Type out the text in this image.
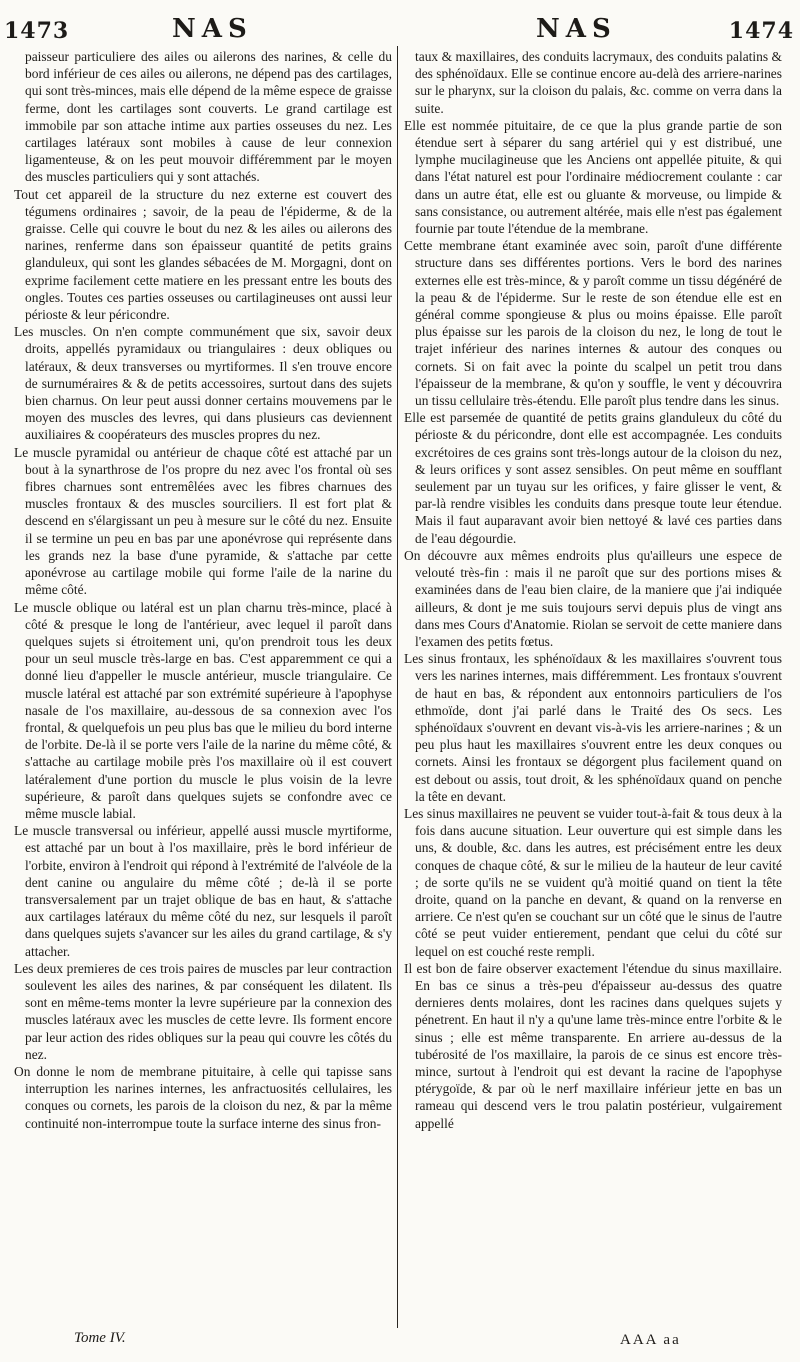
1473	NAS	NAS	1474

paisseur particuliere des ailes ou ailerons des narines, & celle du bord inférieur de ces ailes ou ailerons, ne dépend pas des cartilages, qui sont très-minces, mais elle dépend de la même espece de graisse ferme, dont les cartilages sont couverts. Le grand cartilage est immobile par son attache intime aux parties osseuses du nez. Les cartilages latéraux sont mobiles à cause de leur connexion ligamenteuse, & on les peut mouvoir différemment par le moyen des muscles particuliers qui y sont attachés.

Tout cet appareil de la structure du nez externe est couvert des tégumens ordinaires ; savoir, de la peau de l'épiderme, & de la graisse. Celle qui couvre le bout du nez & les ailes ou ailerons des narines, renferme dans son épaisseur quantité de petits grains glanduleux, qui sont les glandes sébacées de M. Morgagni, dont on exprime facilement cette matiere en les pressant entre les bouts des ongles. Toutes ces parties osseuses ou cartilagineuses ont aussi leur périoste & leur péricondre.

Les muscles. On n'en compte communément que six, savoir deux droits, appellés pyramidaux ou triangulaires : deux obliques ou latéraux, & deux transverses ou myrtiformes. Il s'en trouve encore de surnuméraires & & de petits accessoires, surtout dans des sujets bien charnus. On leur peut aussi donner certains mouvemens par le moyen des muscles des levres, qui dans plusieurs cas deviennent auxiliaires & coopérateurs des muscles propres du nez.

Le muscle pyramidal ou antérieur de chaque côté est attaché par un bout à la synarthrose de l'os propre du nez avec l'os frontal où ses fibres charnues sont entremêlées avec les fibres charnues des muscles frontaux & des muscles sourciliers. Il est fort plat & descend en s'élargissant un peu à mesure sur le côté du nez. Ensuite il se termine un peu en bas par une aponévrose qui représente dans les grands nez la base d'une pyramide, & s'attache par cette aponévrose au cartilage mobile qui forme l'aile de la narine du même côté.

Le muscle oblique ou latéral est un plan charnu très-mince, placé à côté & presque le long de l'antérieur, avec lequel il paroît dans quelques sujets si étroitement uni, qu'on prendroit tous les deux pour un seul muscle très-large en bas. C'est apparemment ce qui a donné lieu d'appeller le muscle antérieur, muscle triangulaire. Ce muscle latéral est attaché par son extrémité supérieure à l'apophyse nasale de l'os maxillaire, au-dessous de sa connexion avec l'os frontal, & quelquefois un peu plus bas que le milieu du bord interne de l'orbite. De-là il se porte vers l'aile de la narine du même côté, & s'attache au cartilage mobile près l'os maxillaire où il est couvert latéralement d'une portion du muscle le plus voisin de la levre supérieure, & paroît dans quelques sujets se confondre avec ce même muscle labial.

Le muscle transversal ou inférieur, appellé aussi muscle myrtiforme, est attaché par un bout à l'os maxillaire, près le bord inférieur de l'orbite, environ à l'endroit qui répond à l'extrémité de l'alvéole de la dent canine ou angulaire du même côté ; de-là il se porte transversalement par un trajet oblique de bas en haut, & s'attache aux cartilages latéraux du même côté du nez, sur lesquels il paroît dans quelques sujets s'avancer sur les ailes du grand cartilage, & s'y attacher.

Les deux premieres de ces trois paires de muscles par leur contraction soulevent les ailes des narines, & par conséquent les dilatent. Ils sont en même-tems monter la levre supérieure par la connexion des muscles latéraux avec les muscles de cette levre. Ils forment encore par leur action des rides obliques sur la peau qui couvre les côtés du nez.

On donne le nom de membrane pituitaire, à celle qui tapisse sans interruption les narines internes, les anfractuosités cellulaires, les conques ou cornets, les parois de la cloison du nez, & par la même continuité non-interrompue toute la surface interne des sinus fron-

taux & maxillaires, des conduits lacrymaux, des conduits palatins & des sphénoïdaux. Elle se continue encore au-delà des arriere-narines sur le pharynx, sur la cloison du palais, &c. comme on verra dans la suite.

Elle est nommée pituitaire, de ce que la plus grande partie de son étendue sert à séparer du sang artériel qui y est distribué, une lymphe mucilagineuse que les Anciens ont appellée pituite, & qui dans l'état naturel est pour l'ordinaire médiocrement coulante : car dans un autre état, elle est ou gluante & morveuse, ou limpide & sans consistance, ou autrement altérée, mais elle n'est pas également fournie par toute l'étendue de la membrane.

Cette membrane étant examinée avec soin, paroît d'une différente structure dans ses différentes portions. Vers le bord des narines externes elle est très-mince, & y paroît comme un tissu dégénéré de la peau & de l'épiderme. Sur le reste de son étendue elle est en général comme spongieuse & plus ou moins épaisse. Elle paroît plus épaisse sur les parois de la cloison du nez, le long de tout le trajet inférieur des narines internes & autour des conques ou cornets. Si on fait avec la pointe du scalpel un petit trou dans l'épaisseur de la membrane, & qu'on y souffle, le vent y découvrira un tissu cellulaire très-étendu. Elle paroît plus tendre dans les sinus.

Elle est parsemée de quantité de petits grains glanduleux du côté du périoste & du péricondre, dont elle est accompagnée. Les conduits excrétoires de ces grains sont très-longs autour de la cloison du nez, & leurs orifices y sont assez sensibles. On peut même en soufflant seulement par un tuyau sur les orifices, y faire glisser le vent, & par-là rendre visibles les conduits dans presque toute leur étendue. Mais il faut auparavant avoir bien nettoyé & lavé ces parties dans de l'eau dégourdie.

On découvre aux mêmes endroits plus qu'ailleurs une espece de velouté très-fin : mais il ne paroît que sur des portions mises & examinées dans de l'eau bien claire, de la maniere que j'ai indiquée ailleurs, & dont je me suis toujours servi depuis plus de vingt ans dans mes Cours d'Anatomie. Riolan se servoit de cette maniere dans l'examen des petits fœtus.

Les sinus frontaux, les sphénoïdaux & les maxillaires s'ouvrent tous vers les narines internes, mais différemment. Les frontaux s'ouvrent de haut en bas, & répondent aux entonnoirs particuliers de l'os ethmoïde, dont j'ai parlé dans le Traité des Os secs. Les sphénoïdaux s'ouvrent en devant vis-à-vis les arriere-narines ; & un peu plus haut les maxillaires s'ouvrent entre les deux conques ou cornets. Ainsi les frontaux se dégorgent plus facilement quand on est debout ou assis, tout droit, & les sphénoïdaux quand on penche la tête en devant.

Les sinus maxillaires ne peuvent se vuider tout-à-fait & tous deux à la fois dans aucune situation. Leur ouverture qui est simple dans les uns, & double, &c. dans les autres, est précisément entre les deux conques de chaque côté, & sur le milieu de la hauteur de leur cavité ; de sorte qu'ils ne se vuident qu'à moitié quand on tient la tête droite, quand on la panche en devant, & quand on la renverse en arriere. Ce n'est qu'en se couchant sur un côté que le sinus de l'autre côté se peut vuider entierement, pendant que celui du côté sur lequel on est couché reste rempli.

Il est bon de faire observer exactement l'étendue du sinus maxillaire. En bas ce sinus a très-peu d'épaisseur au-dessus des quatre dernieres dents molaires, dont les racines dans quelques sujets y pénetrent. En haut il n'y a qu'une lame très-mince entre l'orbite & le sinus ; elle est même transparente. En arriere au-dessus de la tubérosité de l'os maxillaire, la parois de ce sinus est encore très-mince, surtout à l'endroit qui est devant la racine de l'apophyse ptérygoïde, & par où le nerf maxillaire inférieur jette en bas un rameau qui descend vers le trou palatin postérieur, vulgairement appellé

Tome IV.	AAA aa
